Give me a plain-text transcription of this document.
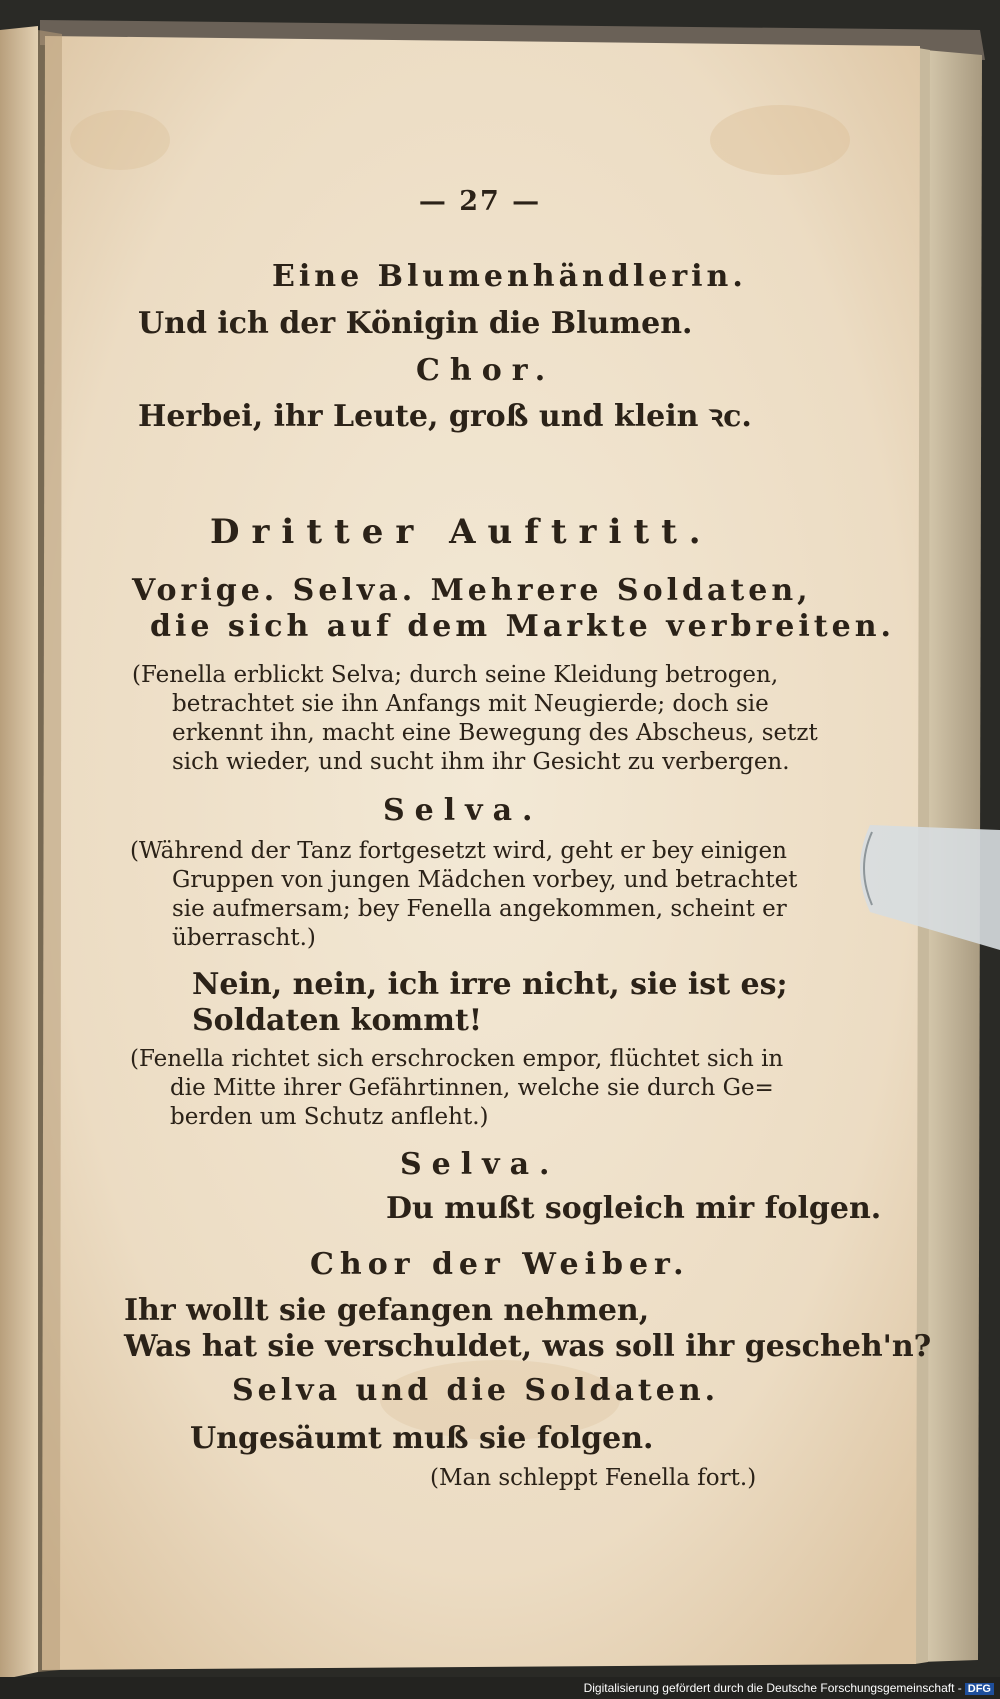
— 27 —
Eine Blumenhändlerin.
Und ich der Königin die Blumen.
Chor.
Herbei, ihr Leute, groß und klein ꝛc.
Dritter Auftritt.
Vorige. Selva. Mehrere Soldaten,
die sich auf dem Markte verbreiten.
(Fenella erblickt Selva; durch seine Kleidung betrogen,
betrachtet sie ihn Anfangs mit Neugierde; doch sie
erkennt ihn, macht eine Bewegung des Abscheus, setzt
sich wieder, und sucht ihm ihr Gesicht zu verbergen.
Selva.
(Während der Tanz fortgesetzt wird, geht er bey einigen
Gruppen von jungen Mädchen vorbey, und betrachtet
sie aufmersam; bey Fenella angekommen, scheint er
überrascht.)
Nein, nein, ich irre nicht, sie ist es;
Soldaten kommt!
(Fenella richtet sich erschrocken empor, flüchtet sich in
die Mitte ihrer Gefährtinnen, welche sie durch Ge=
berden um Schutz anfleht.)
Selva.
Du mußt sogleich mir folgen.
Chor der Weiber.
Ihr wollt sie gefangen nehmen,
Was hat sie verschuldet, was soll ihr gescheh'n?
Selva und die Soldaten.
Ungesäumt muß sie folgen.
(Man schleppt Fenella fort.)
Digitalisierung gefördert durch die Deutsche Forschungsgemeinschaft - DFG
